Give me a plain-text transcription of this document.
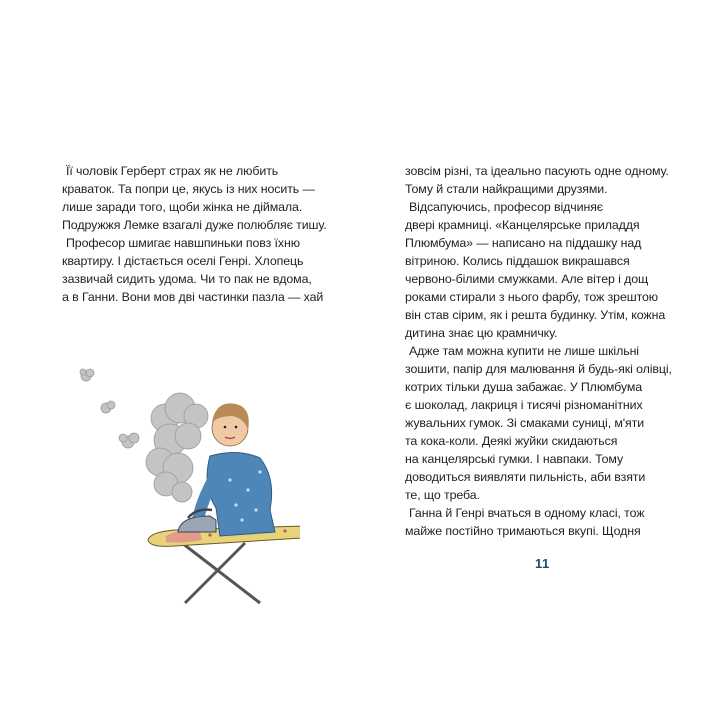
Її чоловік Герберт страх як не любить
краваток. Та попри це, якусь із них носить —
лише заради того, щоби жінка не діймала.
Подружжя Лемке взагалі дуже полюбляє тишу.
Професор шмигає навшпиньки повз їхню
квартиру. І дістається оселі Генрі. Хлопець
зазвичай сидить удома. Чи то пак не вдома,
а в Ганни. Вони мов дві частинки пазла — хай
зовсім різні, та ідеально пасують одне одному.
Тому й стали найкращими друзями.
Відсапуючись, професор відчиняє
двері крамниці. «Канцелярське приладдя
Плюмбума» — написано на піддашку над
вітриною. Колись піддашок викрашався
червоно-білими смужками. Але вітер і дощ
роками стирали з нього фарбу, тож зрештою
він став сірим, як і решта будинку. Утім, кожна
дитина знає цю крамничку.
Адже там можна купити не лише шкільні
зошити, папір для малювання й будь-які олівці,
котрих тільки душа забажає. У Плюмбума
є шоколад, лакриця і тисячі різноманітних
жувальних гумок. Зі смаками суниці, м'яти
та кока-коли. Деякі жуйки скидаються
на канцелярські гумки. І навпаки. Тому
доводиться виявляти пильність, аби взяти
те, що треба.
Ганна й Генрі вчаться в одному класі, тож
майже постійно тримаються вкупі. Щодня
11
